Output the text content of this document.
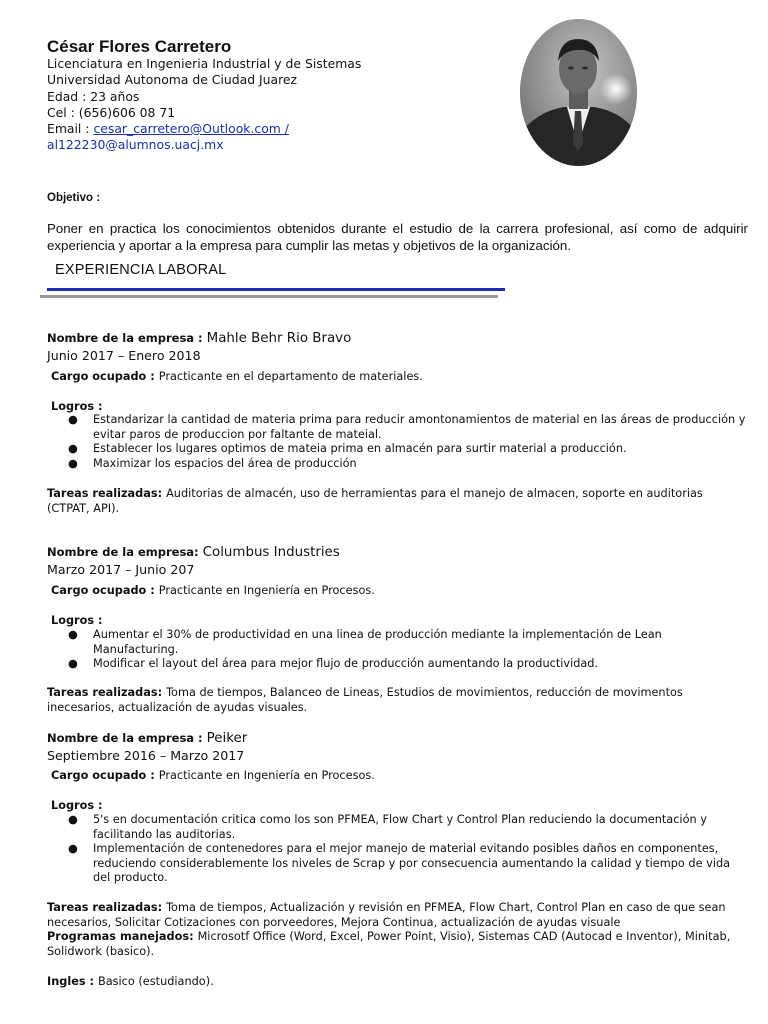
César Flores Carretero
Licenciatura en Ingenieria Industrial y de Sistemas
Universidad Autonoma de Ciudad Juarez
Edad : 23 años
Cel : (656)606 08 71
Email : cesar_carretero@Outlook.com /
al122230@alumnos.uacj.mx
Objetivo :
Poner en practica los conocimientos obtenidos durante el estudio de la carrera profesional, así como de adquirir experiencia y aportar a la empresa para cumplir las metas y objetivos de la organización.
EXPERIENCIA LABORAL
Nombre de la empresa : Mahle Behr Rio Bravo
Junio 2017 – Enero 2018
Cargo ocupado : Practicante en el departamento de materiales.
Logros :
● Estandarizar la cantidad de materia prima para reducir amontonamientos de material en las áreas de producción y evitar paros de produccion por faltante de mateial.
● Establecer los lugares optimos de mateia prima en almacén para surtir material a producción.
● Maximizar los espacios del área de producción
Tareas realizadas: Auditorias de almacén, uso de herramientas para el manejo de almacen, soporte en auditorias (CTPAT, API).
Nombre de la empresa: Columbus Industries
Marzo 2017 – Junio 207
Cargo ocupado : Practicante en Ingeniería en Procesos.
Logros :
● Aumentar el 30% de productividad en una linea de producción mediante la implementación de Lean Manufacturing.
● Modificar el layout del área para mejor flujo de producción aumentando la productividad.
Tareas realizadas: Toma de tiempos, Balanceo de Lineas, Estudios de movimientos, reducción de movimentos inecesarios, actualización de ayudas visuales.
Nombre de la empresa : Peiker
Septiembre 2016 – Marzo 2017
Cargo ocupado : Practicante en Ingeniería en Procesos.
Logros :
● 5's en documentación critica como los son PFMEA, Flow Chart y Control Plan reduciendo la documentación y facilitando las auditorias.
● Implementación de contenedores para el mejor manejo de material evitando posibles daños en componentes, reduciendo considerablemente los niveles de Scrap y por consecuencia aumentando la calidad y tiempo de vida del producto.
Tareas realizadas: Toma de tiempos, Actualización y revisión en PFMEA, Flow Chart, Control Plan en caso de que sean necesarios, Solicitar Cotizaciones con porveedores, Mejora Continua, actualización de ayudas visuale
Programas manejados: Microsotf Office (Word, Excel, Power Point, Visio), Sistemas CAD (Autocad e Inventor), Minitab, Solidwork (basico).
Ingles : Basico (estudiando).
